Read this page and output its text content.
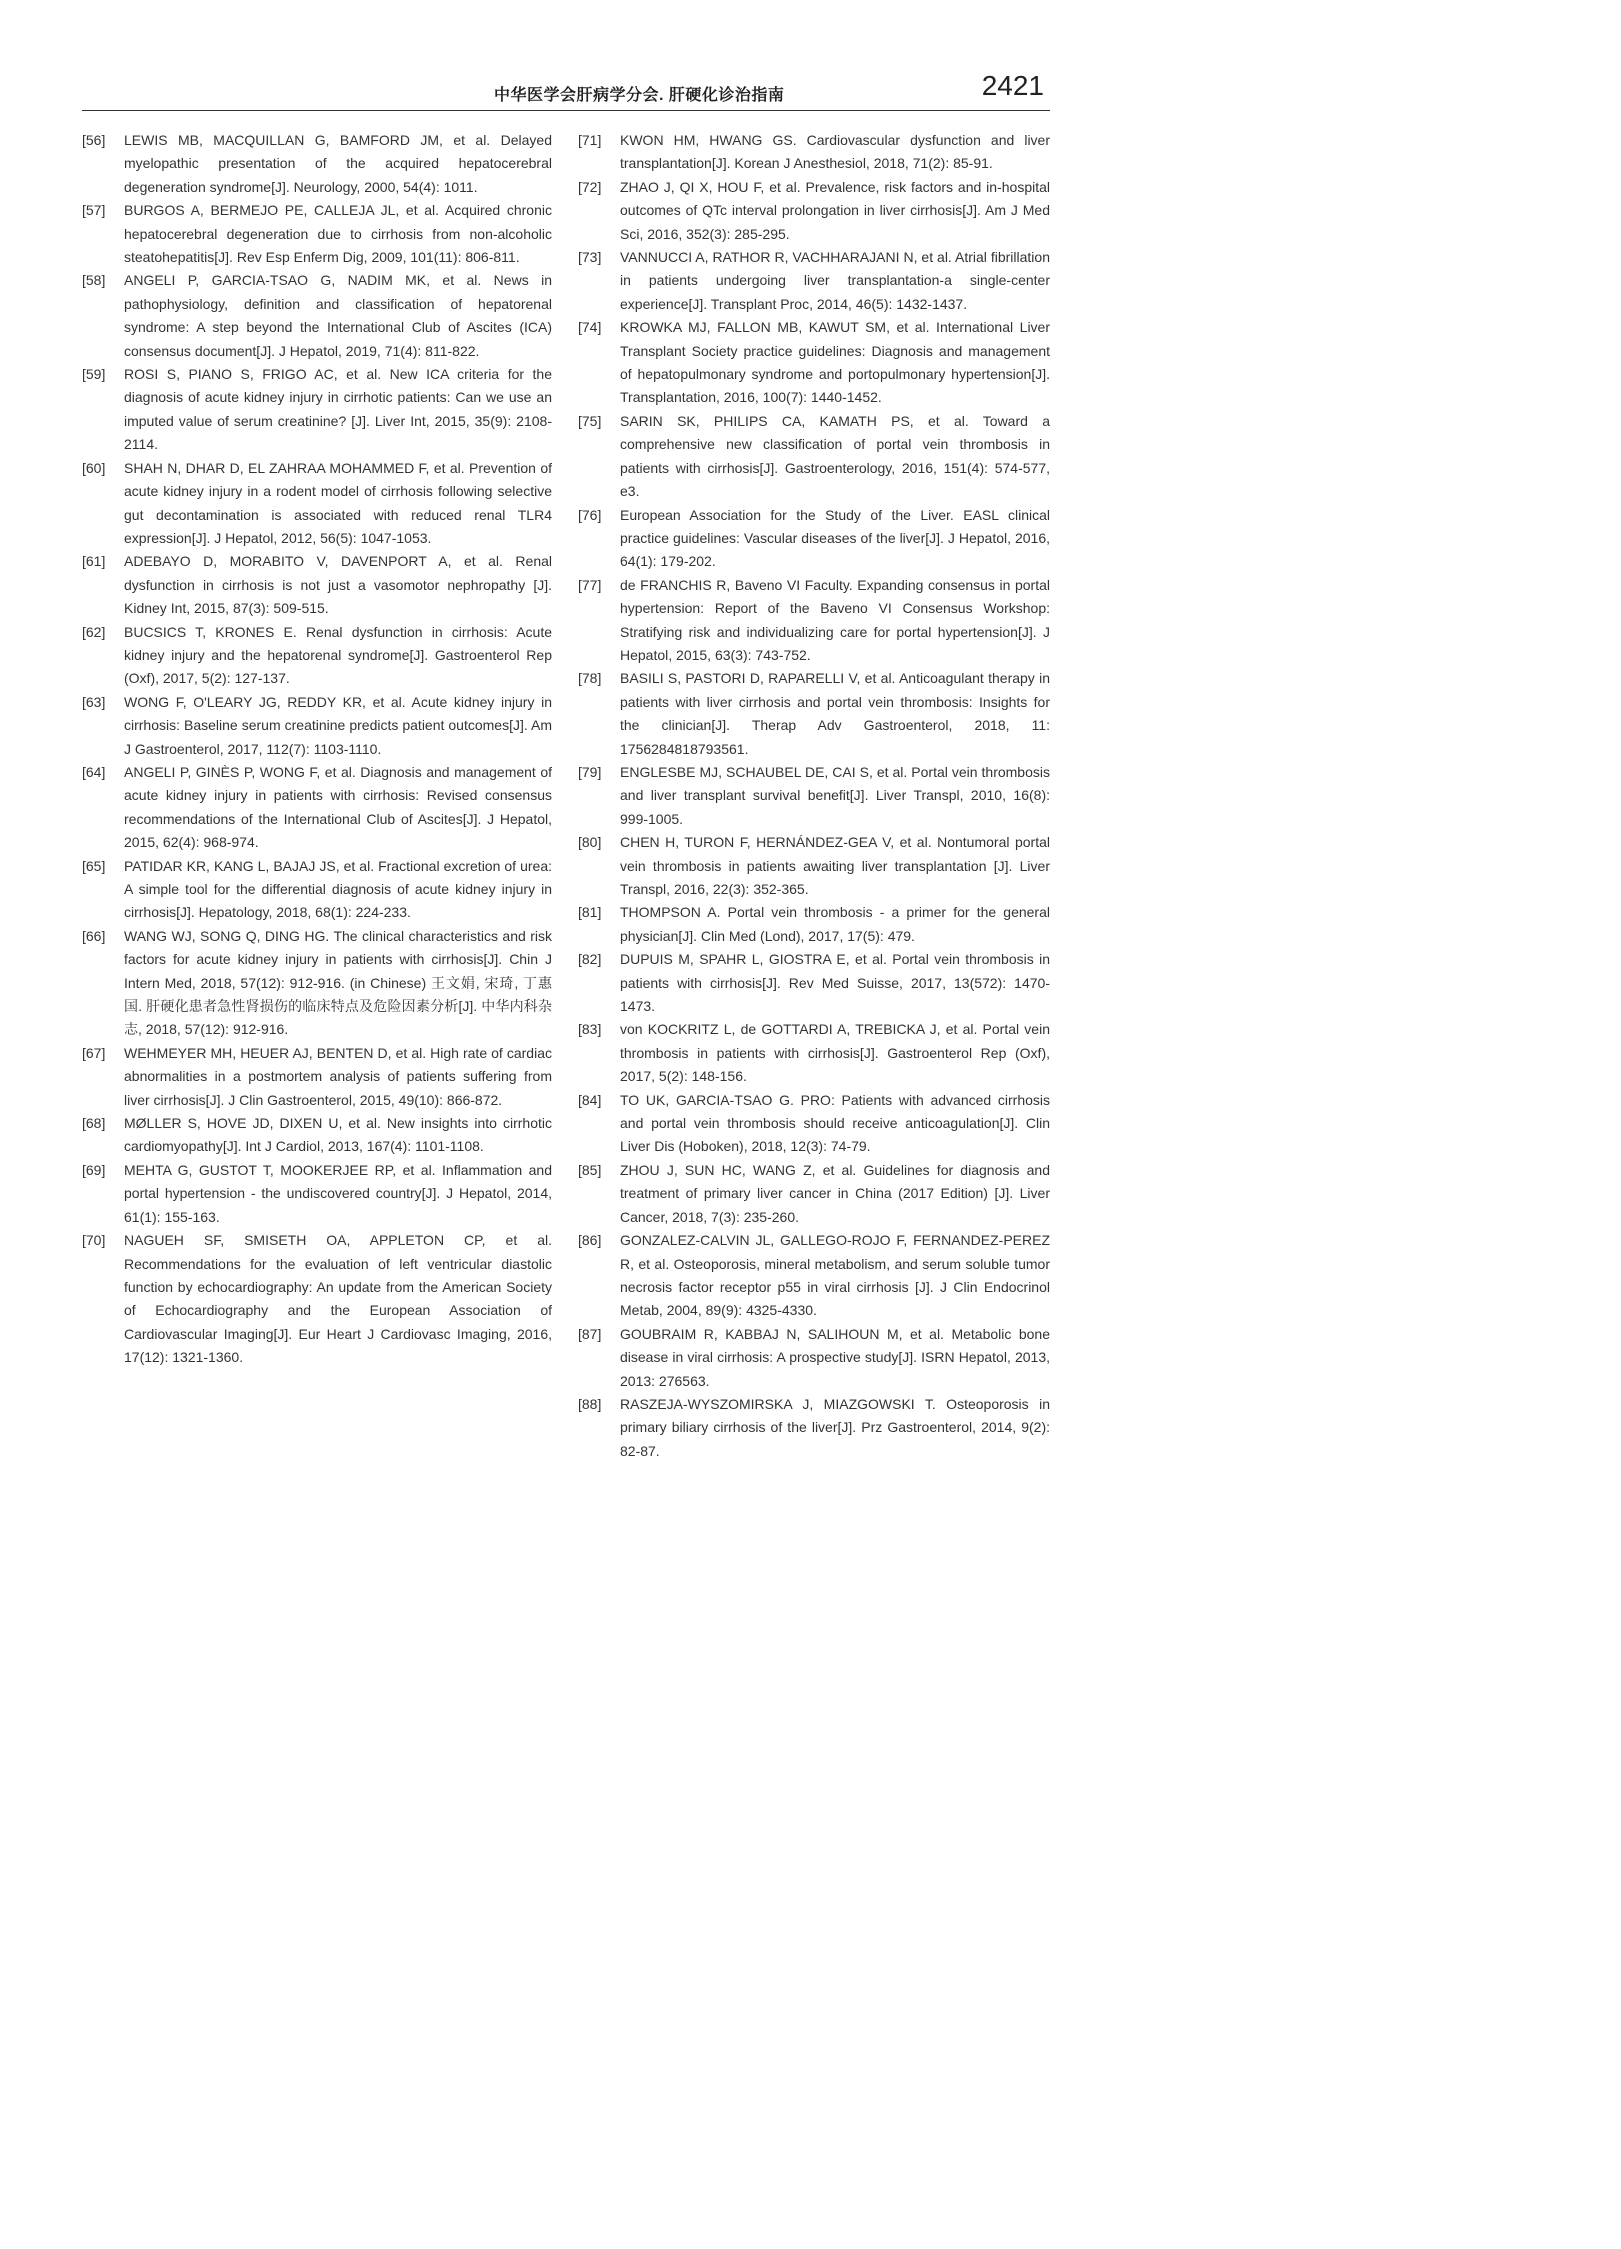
中华医学会肝病学分会. 肝硬化诊治指南	2421
[56] LEWIS MB, MACQUILLAN G, BAMFORD JM, et al. Delayed myelopathic presentation of the acquired hepatocerebral degeneration syndrome[J]. Neurology, 2000, 54(4): 1011.
[57] BURGOS A, BERMEJO PE, CALLEJA JL, et al. Acquired chronic hepatocerebral degeneration due to cirrhosis from non-alcoholic steatohepatitis[J]. Rev Esp Enferm Dig, 2009, 101(11): 806-811.
[58] ANGELI P, GARCIA-TSAO G, NADIM MK, et al. News in pathophysiology, definition and classification of hepatorenal syndrome: A step beyond the International Club of Ascites (ICA) consensus document[J]. J Hepatol, 2019, 71(4): 811-822.
[59] ROSI S, PIANO S, FRIGO AC, et al. New ICA criteria for the diagnosis of acute kidney injury in cirrhotic patients: Can we use an imputed value of serum creatinine? [J]. Liver Int, 2015, 35(9): 2108-2114.
[60] SHAH N, DHAR D, EL ZAHRAA MOHAMMED F, et al. Prevention of acute kidney injury in a rodent model of cirrhosis following selective gut decontamination is associated with reduced renal TLR4 expression[J]. J Hepatol, 2012, 56(5): 1047-1053.
[61] ADEBAYO D, MORABITO V, DAVENPORT A, et al. Renal dysfunction in cirrhosis is not just a vasomotor nephropathy [J]. Kidney Int, 2015, 87(3): 509-515.
[62] BUCSICS T, KRONES E. Renal dysfunction in cirrhosis: Acute kidney injury and the hepatorenal syndrome[J]. Gastroenterol Rep (Oxf), 2017, 5(2): 127-137.
[63] WONG F, O'LEARY JG, REDDY KR, et al. Acute kidney injury in cirrhosis: Baseline serum creatinine predicts patient outcomes[J]. Am J Gastroenterol, 2017, 112(7): 1103-1110.
[64] ANGELI P, GINÈS P, WONG F, et al. Diagnosis and management of acute kidney injury in patients with cirrhosis: Revised consensus recommendations of the International Club of Ascites[J]. J Hepatol, 2015, 62(4): 968-974.
[65] PATIDAR KR, KANG L, BAJAJ JS, et al. Fractional excretion of urea: A simple tool for the differential diagnosis of acute kidney injury in cirrhosis[J]. Hepatology, 2018, 68(1): 224-233.
[66] WANG WJ, SONG Q, DING HG. The clinical characteristics and risk factors for acute kidney injury in patients with cirrhosis[J]. Chin J Intern Med, 2018, 57(12): 912-916. (in Chinese) 王文娟, 宋琦, 丁惠国. 肝硬化患者急性肾损伤的临床特点及危险因素分析[J]. 中华内科杂志, 2018, 57(12): 912-916.
[67] WEHMEYER MH, HEUER AJ, BENTEN D, et al. High rate of cardiac abnormalities in a postmortem analysis of patients suffering from liver cirrhosis[J]. J Clin Gastroenterol, 2015, 49(10): 866-872.
[68] MØLLER S, HOVE JD, DIXEN U, et al. New insights into cirrhotic cardiomyopathy[J]. Int J Cardiol, 2013, 167(4): 1101-1108.
[69] MEHTA G, GUSTOT T, MOOKERJEE RP, et al. Inflammation and portal hypertension - the undiscovered country[J]. J Hepatol, 2014, 61(1): 155-163.
[70] NAGUEH SF, SMISETH OA, APPLETON CP, et al. Recommendations for the evaluation of left ventricular diastolic function by echocardiography: An update from the American Society of Echocardiography and the European Association of Cardiovascular Imaging[J]. Eur Heart J Cardiovasc Imaging, 2016, 17(12): 1321-1360.
[71] KWON HM, HWANG GS. Cardiovascular dysfunction and liver transplantation[J]. Korean J Anesthesiol, 2018, 71(2): 85-91.
[72] ZHAO J, QI X, HOU F, et al. Prevalence, risk factors and in-hospital outcomes of QTc interval prolongation in liver cirrhosis[J]. Am J Med Sci, 2016, 352(3): 285-295.
[73] VANNUCCI A, RATHOR R, VACHHARAJANI N, et al. Atrial fibrillation in patients undergoing liver transplantation-a single-center experience[J]. Transplant Proc, 2014, 46(5): 1432-1437.
[74] KROWKA MJ, FALLON MB, KAWUT SM, et al. International Liver Transplant Society practice guidelines: Diagnosis and management of hepatopulmonary syndrome and portopulmonary hypertension[J]. Transplantation, 2016, 100(7): 1440-1452.
[75] SARIN SK, PHILIPS CA, KAMATH PS, et al. Toward a comprehensive new classification of portal vein thrombosis in patients with cirrhosis[J]. Gastroenterology, 2016, 151(4): 574-577, e3.
[76] European Association for the Study of the Liver. EASL clinical practice guidelines: Vascular diseases of the liver[J]. J Hepatol, 2016, 64(1): 179-202.
[77] de FRANCHIS R, Baveno VI Faculty. Expanding consensus in portal hypertension: Report of the Baveno VI Consensus Workshop: Stratifying risk and individualizing care for portal hypertension[J]. J Hepatol, 2015, 63(3): 743-752.
[78] BASILI S, PASTORI D, RAPARELLI V, et al. Anticoagulant therapy in patients with liver cirrhosis and portal vein thrombosis: Insights for the clinician[J]. Therap Adv Gastroenterol, 2018, 11: 1756284818793561.
[79] ENGLESBE MJ, SCHAUBEL DE, CAI S, et al. Portal vein thrombosis and liver transplant survival benefit[J]. Liver Transpl, 2010, 16(8): 999-1005.
[80] CHEN H, TURON F, HERNÁNDEZ-GEA V, et al. Nontumoral portal vein thrombosis in patients awaiting liver transplantation [J]. Liver Transpl, 2016, 22(3): 352-365.
[81] THOMPSON A. Portal vein thrombosis - a primer for the general physician[J]. Clin Med (Lond), 2017, 17(5): 479.
[82] DUPUIS M, SPAHR L, GIOSTRA E, et al. Portal vein thrombosis in patients with cirrhosis[J]. Rev Med Suisse, 2017, 13(572): 1470-1473.
[83] von KOCKRITZ L, de GOTTARDI A, TREBICKA J, et al. Portal vein thrombosis in patients with cirrhosis[J]. Gastroenterol Rep (Oxf), 2017, 5(2): 148-156.
[84] TO UK, GARCIA-TSAO G. PRO: Patients with advanced cirrhosis and portal vein thrombosis should receive anticoagulation[J]. Clin Liver Dis (Hoboken), 2018, 12(3): 74-79.
[85] ZHOU J, SUN HC, WANG Z, et al. Guidelines for diagnosis and treatment of primary liver cancer in China (2017 Edition) [J]. Liver Cancer, 2018, 7(3): 235-260.
[86] GONZALEZ-CALVIN JL, GALLEGO-ROJO F, FERNANDEZ-PEREZ R, et al. Osteoporosis, mineral metabolism, and serum soluble tumor necrosis factor receptor p55 in viral cirrhosis [J]. J Clin Endocrinol Metab, 2004, 89(9): 4325-4330.
[87] GOUBRAIM R, KABBAJ N, SALIHOUN M, et al. Metabolic bone disease in viral cirrhosis: A prospective study[J]. ISRN Hepatol, 2013, 2013: 276563.
[88] RASZEJA-WYSZOMIRSKA J, MIAZGOWSKI T. Osteoporosis in primary biliary cirrhosis of the liver[J]. Prz Gastroenterol, 2014, 9(2): 82-87.
